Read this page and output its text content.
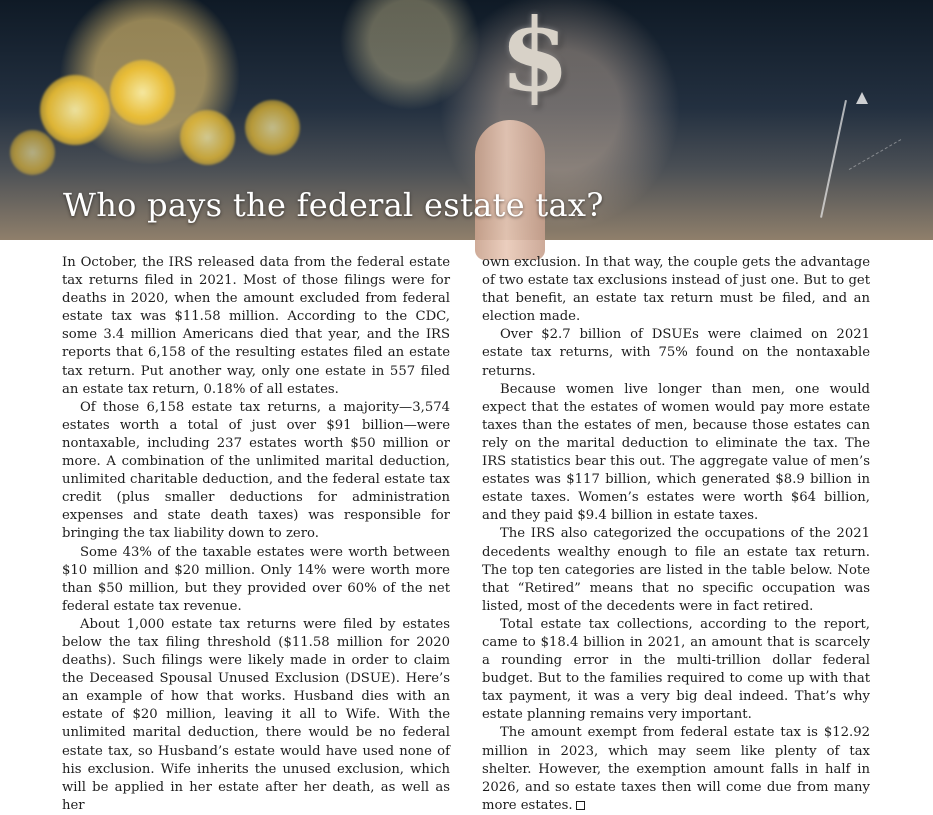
$
Who pays the federal estate tax?

In October, the IRS released data from the federal estate tax returns filed in 2021. Most of those filings were for deaths in 2020, when the amount excluded from federal estate tax was $11.58 million. According to the CDC, some 3.4 million Americans died that year, and the IRS reports that 6,158 of the resulting estates filed an estate tax return. Put another way, only one estate in 557 filed an estate tax return, 0.18% of all estates.

Of those 6,158 estate tax returns, a majority—3,574 estates worth a total of just over $91 billion—were nontaxable, including 237 estates worth $50 million or more. A combination of the unlimited marital deduction, unlimited charitable deduction, and the federal estate tax credit (plus smaller deductions for administration expenses and state death taxes) was responsible for bringing the tax liability down to zero.

Some 43% of the taxable estates were worth between $10 million and $20 million. Only 14% were worth more than $50 million, but they provided over 60% of the net federal estate tax revenue.

About 1,000 estate tax returns were filed by estates below the tax filing threshold ($11.58 million for 2020 deaths). Such filings were likely made in order to claim the Deceased Spousal Unused Exclusion (DSUE). Here’s an example of how that works. Husband dies with an estate of $20 million, leaving it all to Wife. With the unlimited marital deduction, there would be no federal estate tax, so Husband’s estate would have used none of his exclusion. Wife inherits the unused exclusion, which will be applied in her estate after her death, as well as her

own exclusion. In that way, the couple gets the advantage of two estate tax exclusions instead of just one. But to get that benefit, an estate tax return must be filed, and an election made.

Over $2.7 billion of DSUEs were claimed on 2021 estate tax returns, with 75% found on the nontaxable returns.

Because women live longer than men, one would expect that the estates of women would pay more estate taxes than the estates of men, because those estates can rely on the marital deduction to eliminate the tax. The IRS statistics bear this out. The aggregate value of men’s estates was $117 billion, which generated $8.9 billion in estate taxes. Women’s estates were worth $64 billion, and they paid $9.4 billion in estate taxes.

The IRS also categorized the occupations of the 2021 decedents wealthy enough to file an estate tax return. The top ten categories are listed in the table below. Note that “Retired” means that no specific occupation was listed, most of the decedents were in fact retired.

Total estate tax collections, according to the report, came to $18.4 billion in 2021, an amount that is scarcely a rounding error in the multi-trillion dollar federal budget. But to the families required to come up with that tax payment, it was a very big deal indeed. That’s why estate planning remains very important.

The amount exempt from federal estate tax is $12.92 million in 2023, which may seem like plenty of tax shelter. However, the exemption amount falls in half in 2026, and so estate taxes then will come due from many more estates.
